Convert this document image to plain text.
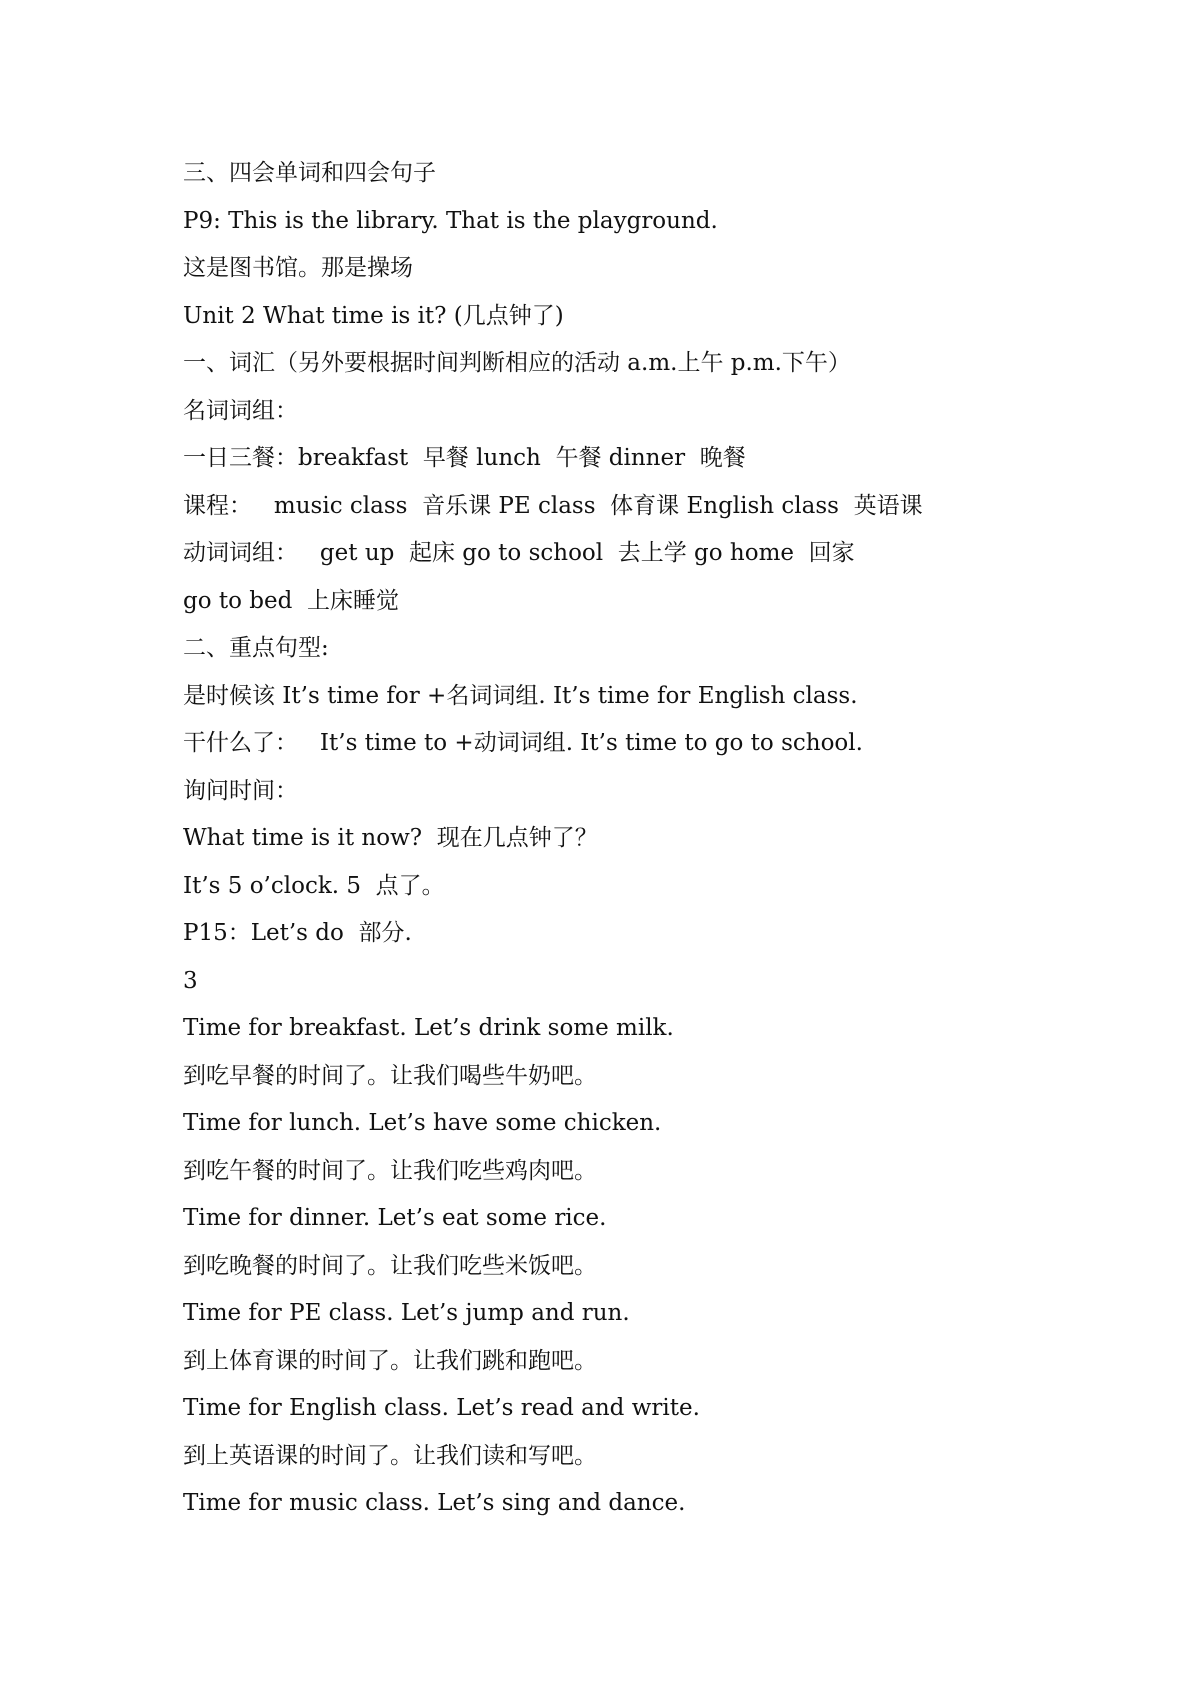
三、四会单词和四会句子

P9: This is the library. That is the playground.

这是图书馆。那是操场

Unit 2 What time is it? (几点钟了)

一、词汇（另外要根据时间判断相应的活动 a.m.上午 p.m.下午）

名词词组：

一日三餐：breakfast  早餐 lunch  午餐 dinner  晚餐

课程：   music class  音乐课 PE class  体育课 English class  英语课

动词词组：   get up  起床 go to school  去上学 go home  回家

go to bed  上床睡觉

二、重点句型:

是时候该 It’s time for +名词词组. It’s time for English class.

干什么了：   It’s time to +动词词组. It’s time to go to school.

询问时间：

What time is it now?  现在几点钟了？

It’s 5 o’clock. 5  点了。

P15：Let’s do  部分.

3

Time for breakfast. Let’s drink some milk.

到吃早餐的时间了。让我们喝些牛奶吧。

Time for lunch. Let’s have some chicken.

到吃午餐的时间了。让我们吃些鸡肉吧。

Time for dinner. Let’s eat some rice.

到吃晚餐的时间了。让我们吃些米饭吧。

Time for PE class. Let’s jump and run.

到上体育课的时间了。让我们跳和跑吧。

Time for English class. Let’s read and write.

到上英语课的时间了。让我们读和写吧。

Time for music class. Let’s sing and dance.
